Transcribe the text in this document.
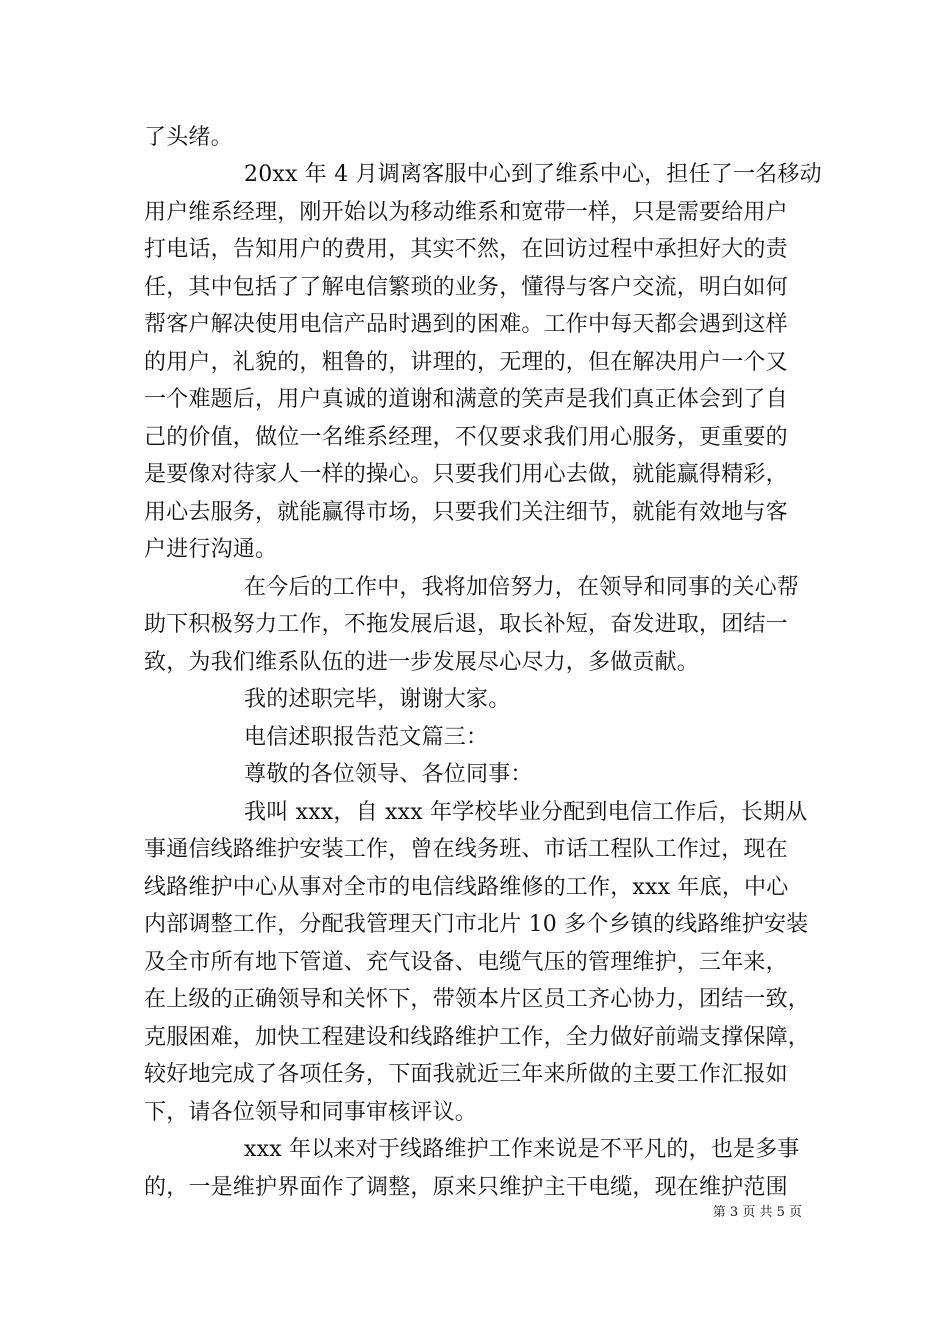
了头绪。
20xx 年 4 月调离客服中心到了维系中心，担任了一名移动
用户维系经理，刚开始以为移动维系和宽带一样，只是需要给用户
打电话，告知用户的费用，其实不然，在回访过程中承担好大的责
任，其中包括了了解电信繁琐的业务，懂得与客户交流，明白如何
帮客户解决使用电信产品时遇到的困难。工作中每天都会遇到这样
的用户，礼貌的，粗鲁的，讲理的，无理的，但在解决用户一个又
一个难题后，用户真诚的道谢和满意的笑声是我们真正体会到了自
己的价值，做位一名维系经理，不仅要求我们用心服务，更重要的
是要像对待家人一样的操心。只要我们用心去做，就能赢得精彩，
用心去服务，就能赢得市场，只要我们关注细节，就能有效地与客
户进行沟通。
在今后的工作中，我将加倍努力，在领导和同事的关心帮
助下积极努力工作，不拖发展后退，取长补短，奋发进取，团结一
致，为我们维系队伍的进一步发展尽心尽力，多做贡献。
我的述职完毕，谢谢大家。
电信述职报告范文篇三：
尊敬的各位领导、各位同事：
我叫 xxx，自 xxx 年学校毕业分配到电信工作后，长期从
事通信线路维护安装工作，曾在线务班、市话工程队工作过，现在
线路维护中心从事对全市的电信线路维修的工作，xxx 年底，中心
内部调整工作，分配我管理天门市北片 10 多个乡镇的线路维护安装
及全市所有地下管道、充气设备、电缆气压的管理维护，三年来，
在上级的正确领导和关怀下，带领本片区员工齐心协力，团结一致，
克服困难，加快工程建设和线路维护工作，全力做好前端支撑保障，
较好地完成了各项任务，下面我就近三年来所做的主要工作汇报如
下，请各位领导和同事审核评议。
xxx 年以来对于线路维护工作来说是不平凡的，也是多事
的，一是维护界面作了调整，原来只维护主干电缆，现在维护范围
第 3 页 共 5 页
